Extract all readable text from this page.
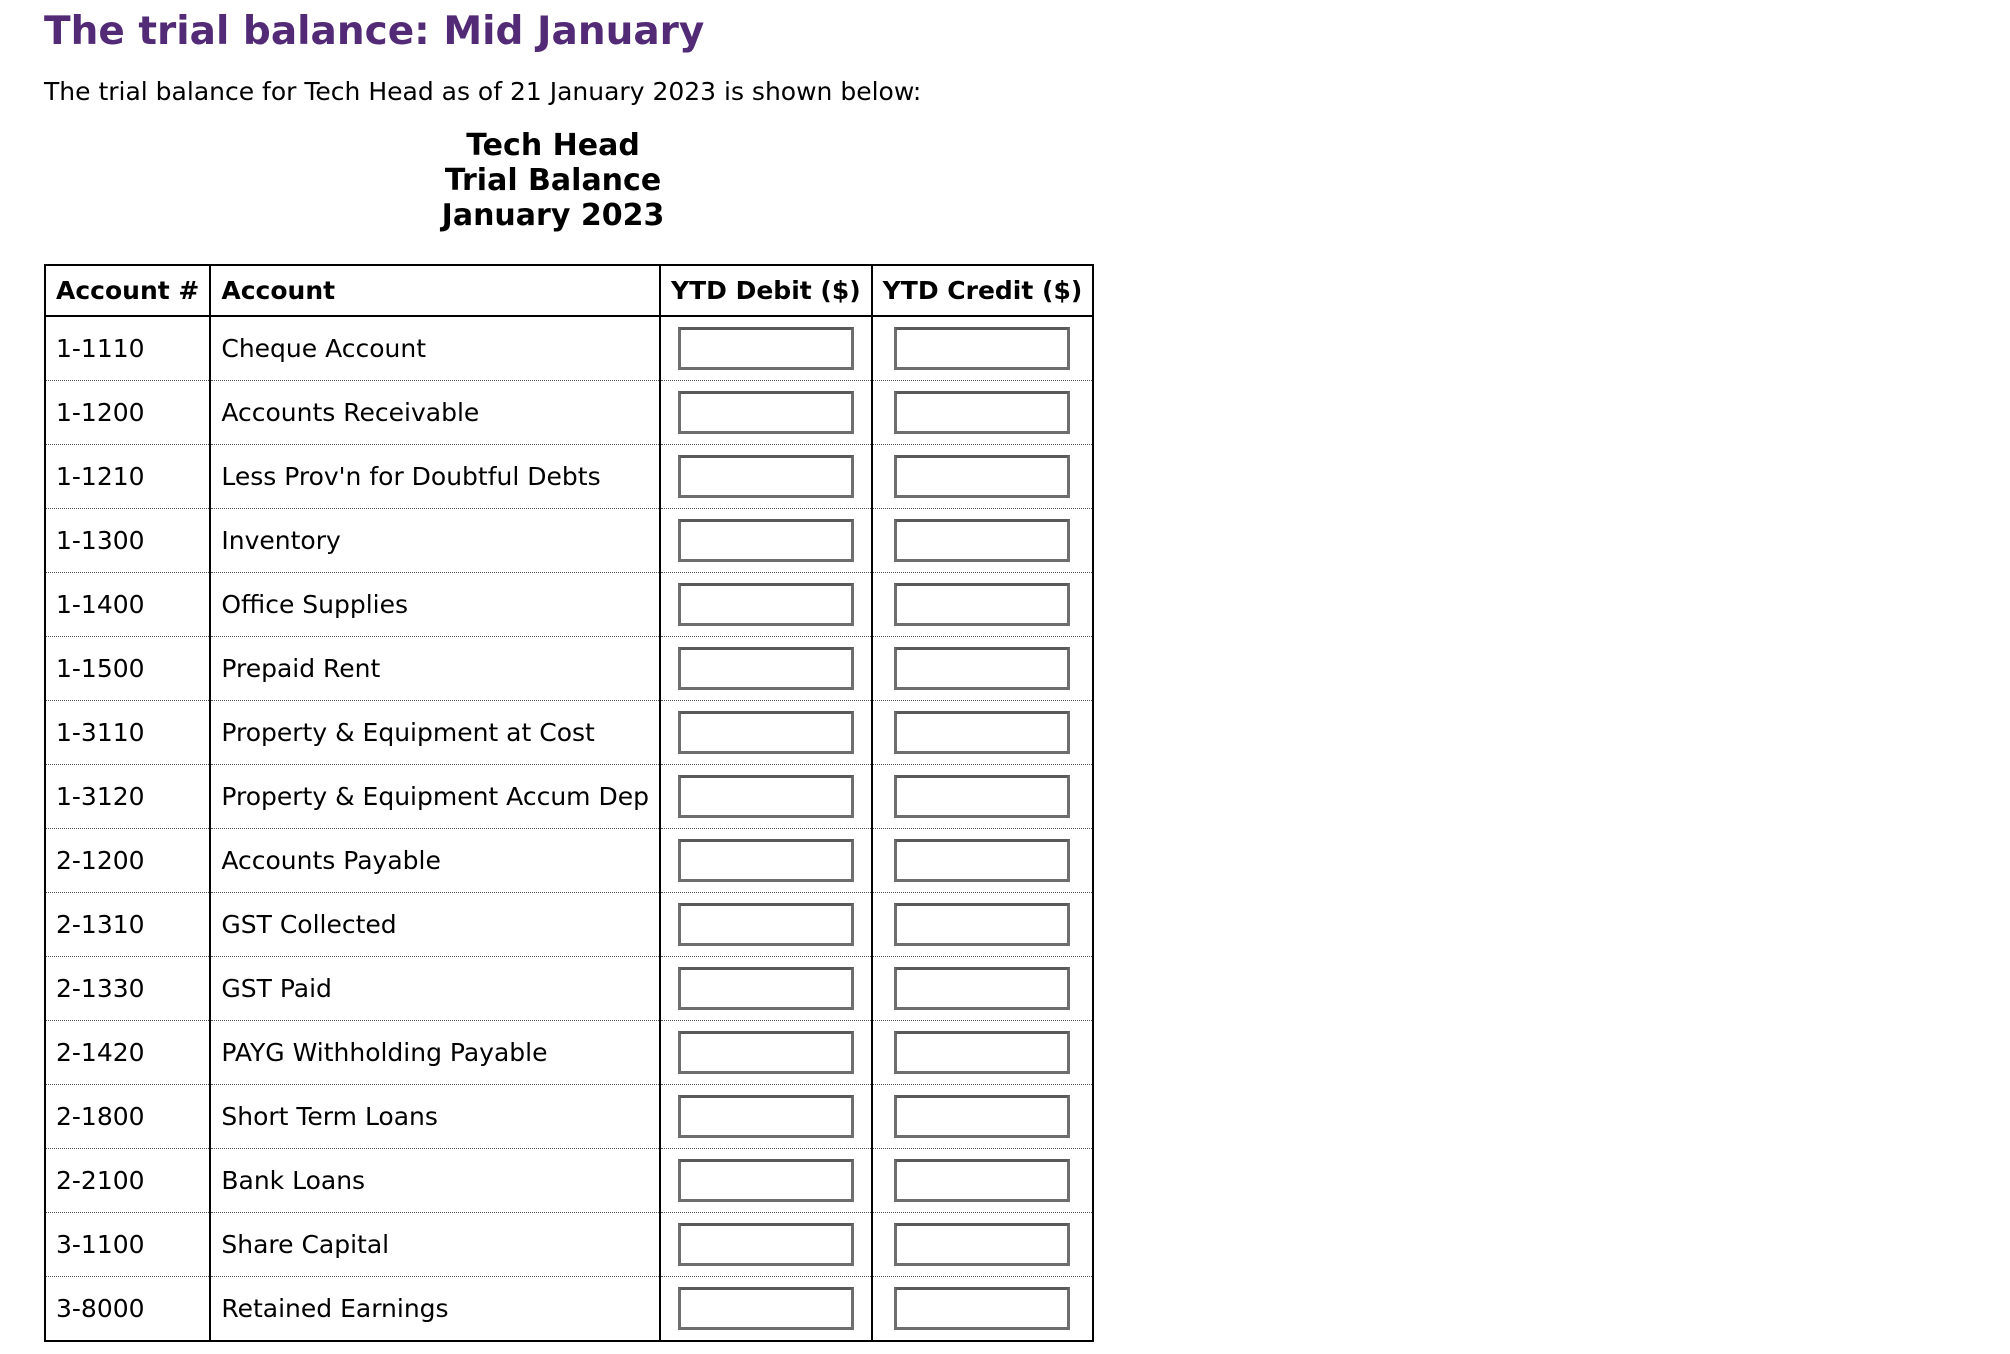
The trial balance: Mid January
The trial balance for Tech Head as of 21 January 2023 is shown below:
Tech Head
Trial Balance
January 2023
Account #	Account	YTD Debit ($)	YTD Credit ($)
1-1110	Cheque Account		
1-1200	Accounts Receivable		
1-1210	Less Prov'n for Doubtful Debts		
1-1300	Inventory		
1-1400	Office Supplies		
1-1500	Prepaid Rent		
1-3110	Property & Equipment at Cost		
1-3120	Property & Equipment Accum Dep		
2-1200	Accounts Payable		
2-1310	GST Collected		
2-1330	GST Paid		
2-1420	PAYG Withholding Payable		
2-1800	Short Term Loans		
2-2100	Bank Loans		
3-1100	Share Capital		
3-8000	Retained Earnings		
